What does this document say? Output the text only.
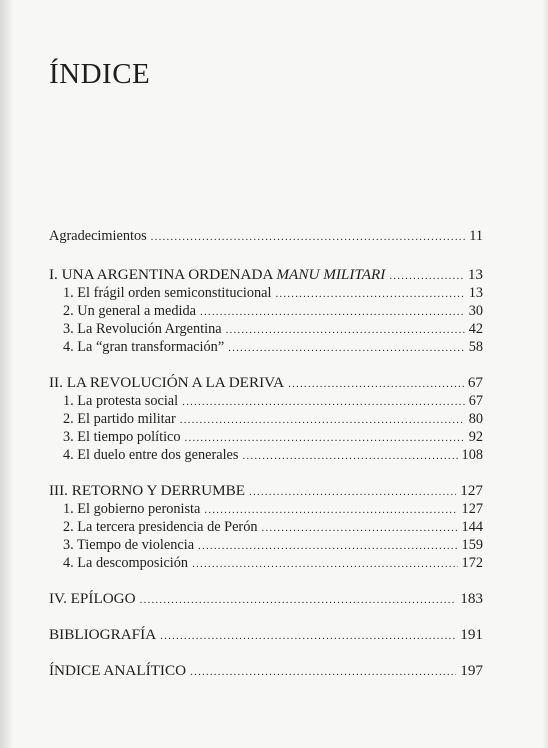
ÍNDICE
Agradecimientos .....	11
I. UNA ARGENTINA ORDENADA MANU MILITARI .....	13
1. El frágil orden semiconstitucional .....	13
2. Un general a medida .....	30
3. La Revolución Argentina .....	42
4. La “gran transformación” .....	58
II. LA REVOLUCIÓN A LA DERIVA .....	67
1. La protesta social .....	67
2. El partido militar .....	80
3. El tiempo político .....	92
4. El duelo entre dos generales .....	108
III. RETORNO Y DERRUMBE .....	127
1. El gobierno peronista .....	127
2. La tercera presidencia de Perón .....	144
3. Tiempo de violencia .....	159
4. La descomposición .....	172
IV. EPÍLOGO .....	183
BIBLIOGRAFÍA .....	191
ÍNDICE ANALÍTICO .....	197
